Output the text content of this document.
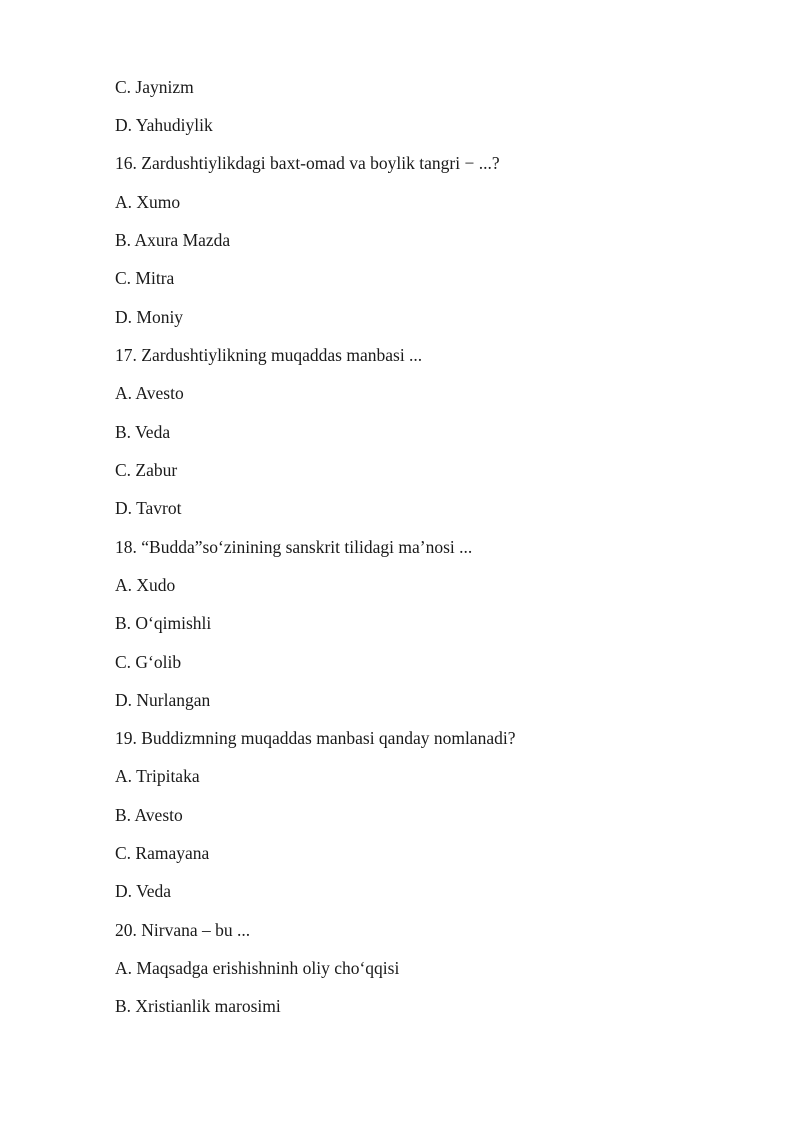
C. Jaynizm
D. Yahudiylik
16. Zardushtiylikdagi baxt-omad va boylik tangri − ...?
A. Xumo
B. Axura Mazda
C. Mitra
D. Moniy
17. Zardushtiylikning muqaddas manbasi ...
A. Avesto
B. Veda
C. Zabur
D. Tavrot
18. “Budda”so‘zinining sanskrit tilidagi ma’nosi ...
A. Xudo
B. O‘qimishli
C. G‘olib
D. Nurlangan
19. Buddizmning muqaddas manbasi qanday nomlanadi?
A. Tripitaka
B. Avesto
C. Ramayana
D. Veda
20. Nirvana – bu ...
A. Maqsadga erishishninh oliy cho‘qqisi
B. Xristianlik marosimi
